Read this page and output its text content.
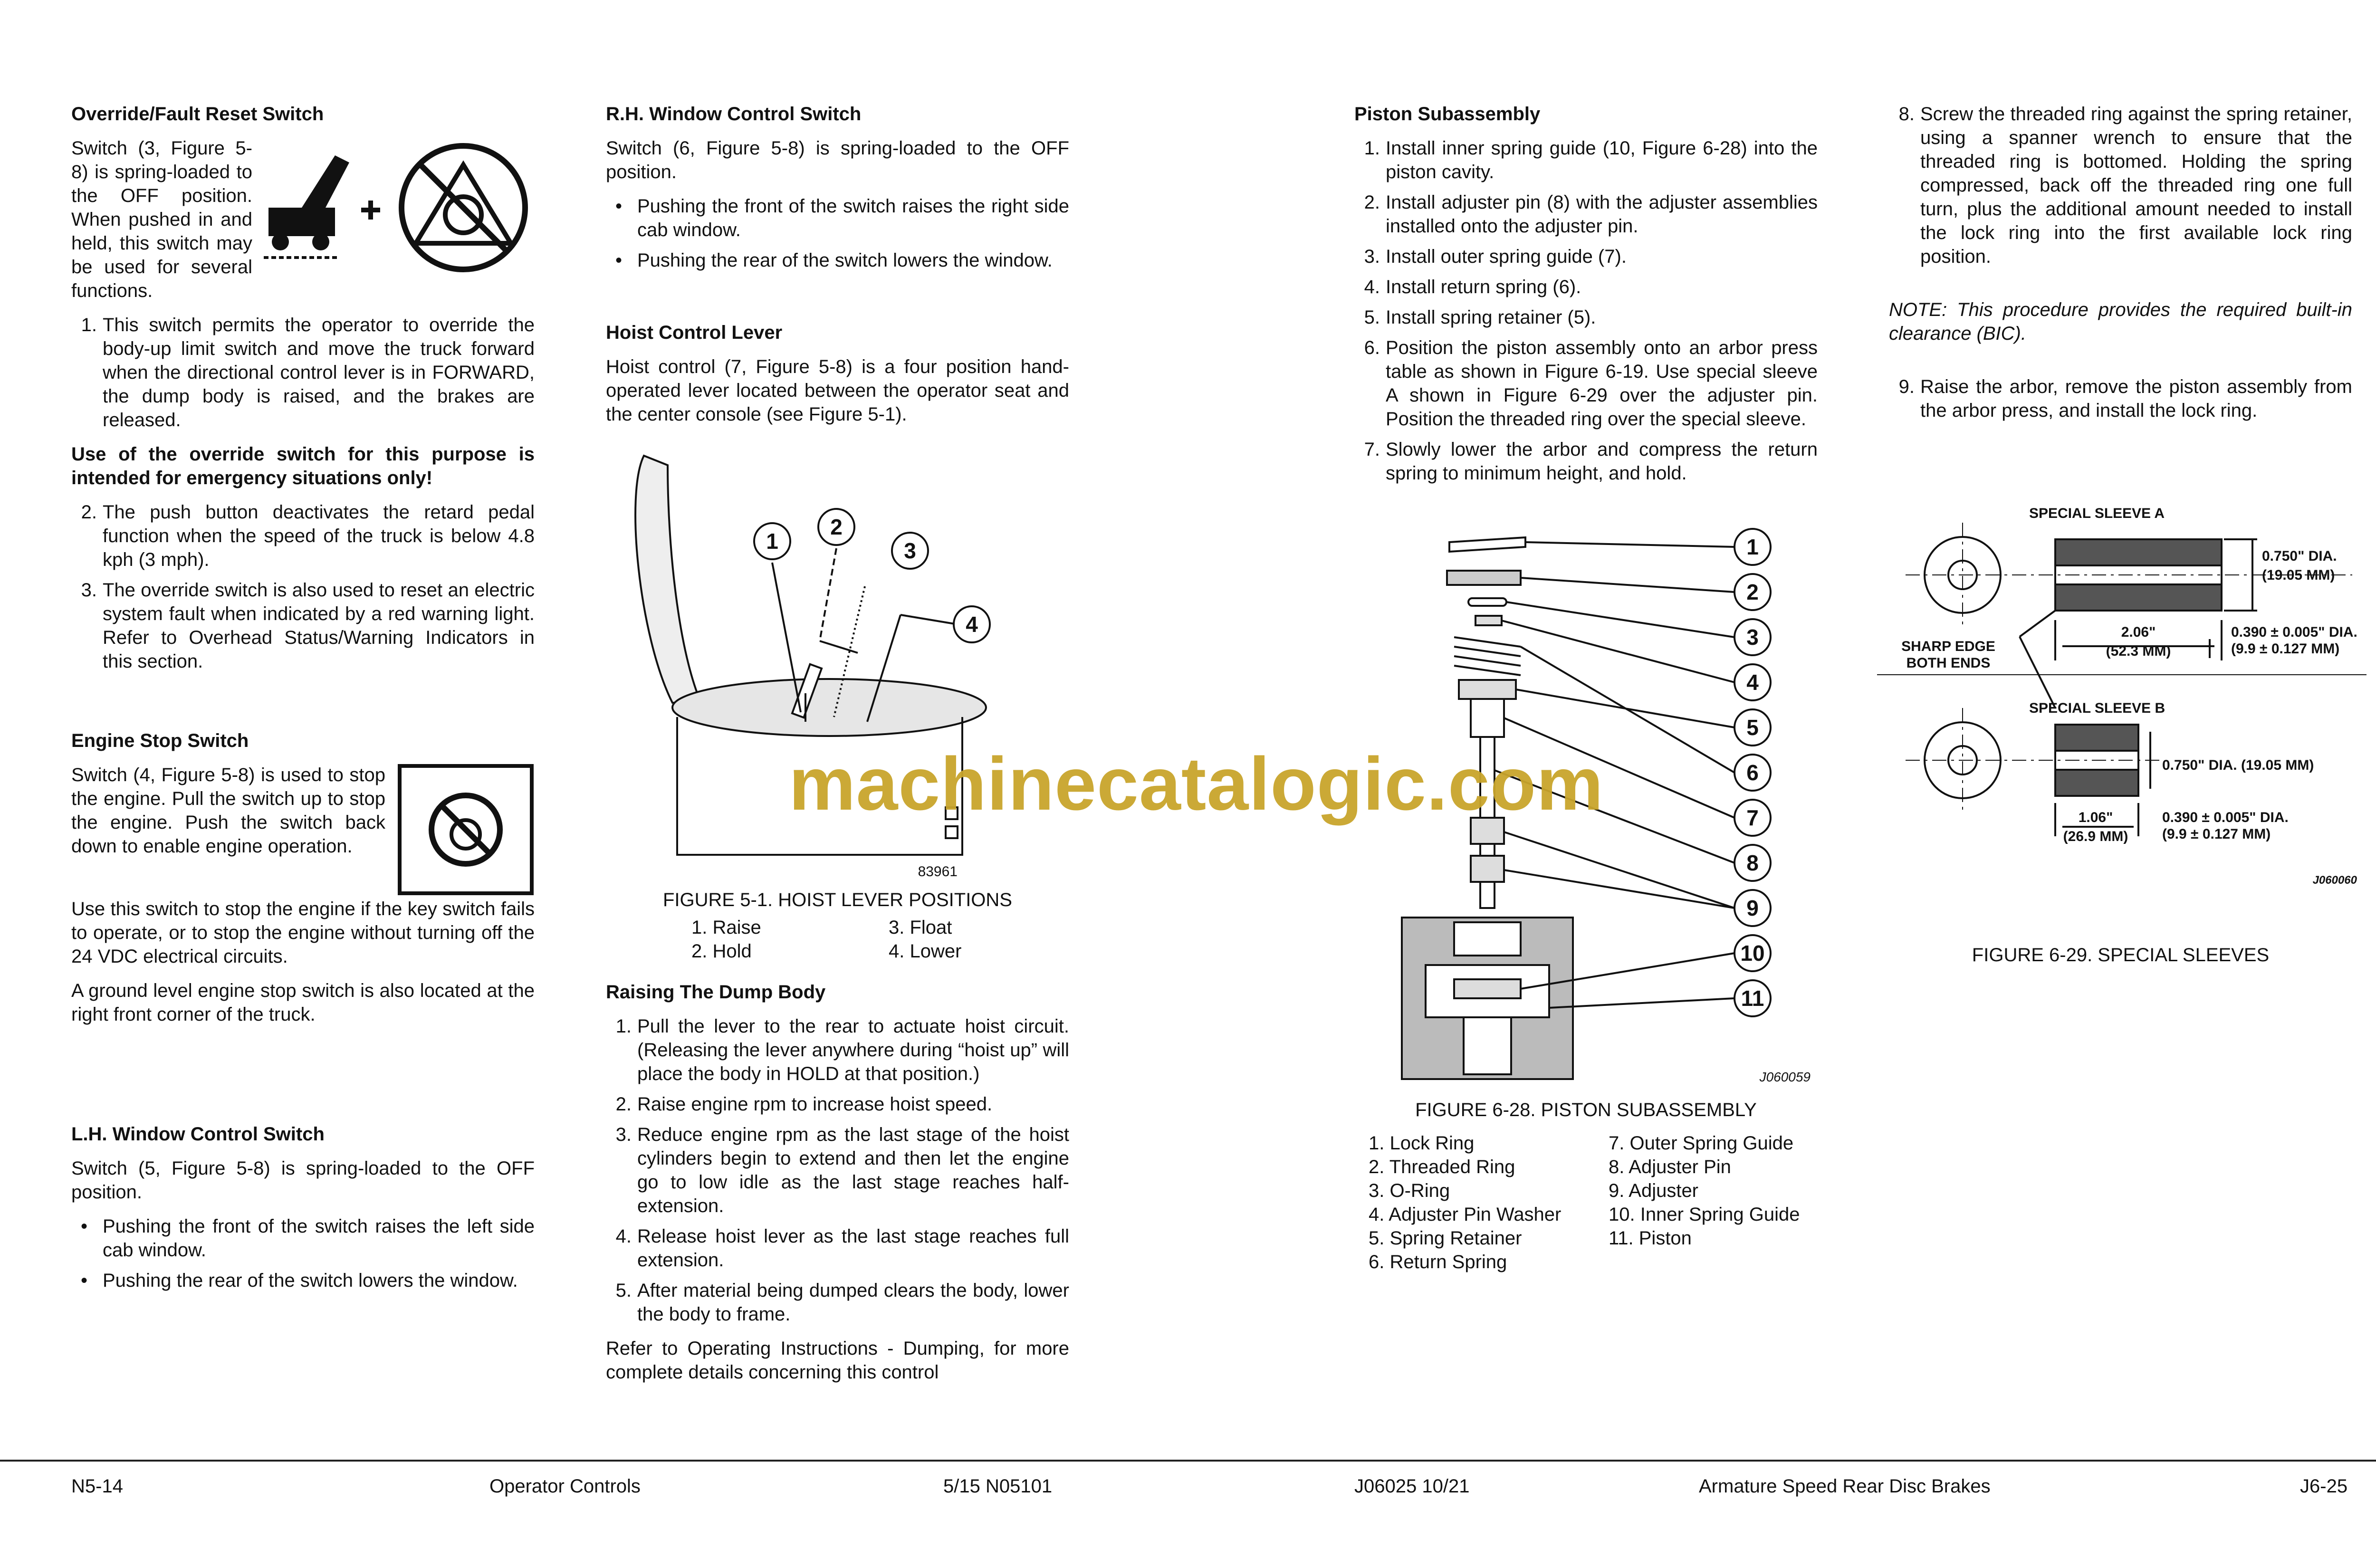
Override/Fault Reset Switch

Switch (3, Figure 5-8) is spring-loaded to the OFF position. When pushed in and held, this switch may be used for several functions.

1. This switch permits the operator to override the body-up limit switch and move the truck forward when the directional control lever is in FORWARD, the dump body is raised, and the brakes are released.

Use of the override switch for this purpose is intended for emergency situations only!

2. The push button deactivates the retard pedal function when the speed of the truck is below 4.8 kph (3 mph).
3. The override switch is also used to reset an electric system fault when indicated by a red warning light. Refer to Overhead Status/Warning Indicators in this section.

Engine Stop Switch

Switch (4, Figure 5-8) is used to stop the engine. Pull the switch up to stop the engine. Push the switch back down to enable engine operation.

Use this switch to stop the engine if the key switch fails to operate, or to stop the engine without turning off the 24 VDC electrical circuits.

A ground level engine stop switch is also located at the right front corner of the truck.

L.H. Window Control Switch

Switch (5, Figure 5-8) is spring-loaded to the OFF position.

• Pushing the front of the switch raises the left side cab window.
• Pushing the rear of the switch lowers the window.

R.H. Window Control Switch

Switch (6, Figure 5-8) is spring-loaded to the OFF position.

• Pushing the front of the switch raises the right side cab window.
• Pushing the rear of the switch lowers the window.

Hoist Control Lever

Hoist control (7, Figure 5-8) is a four position hand-operated lever located between the operator seat and the center console (see Figure 5-1).

1
2
3
4
83961

FIGURE 5-1. HOIST LEVER POSITIONS

1. Raise	3. Float
2. Hold	4. Lower

Raising The Dump Body

1. Pull the lever to the rear to actuate hoist circuit. (Releasing the lever anywhere during “hoist up” will place the body in HOLD at that position.)
2. Raise engine rpm to increase hoist speed.
3. Reduce engine rpm as the last stage of the hoist cylinders begin to extend and then let the engine go to low idle as the last stage reaches half-extension.
4. Release hoist lever as the last stage reaches full extension.
5. After material being dumped clears the body, lower the body to frame.

Refer to Operating Instructions - Dumping, for more complete details concerning this control

Piston Subassembly

1. Install inner spring guide (10, Figure 6-28) into the piston cavity.
2. Install adjuster pin (8) with the adjuster assemblies installed onto the adjuster pin.
3. Install outer spring guide (7).
4. Install return spring (6).
5. Install spring retainer (5).
6. Position the piston assembly onto an arbor press table as shown in Figure 6-19. Use special sleeve A shown in Figure 6-29 over the adjuster pin. Position the threaded ring over the special sleeve.
7. Slowly lower the arbor and compress the return spring to minimum height, and hold.
1
2
3
4
5
6
7
8
9
10
11
J060059

FIGURE 6-28. PISTON SUBASSEMBLY

1. Lock Ring	7. Outer Spring Guide
2. Threaded Ring	8. Adjuster Pin
3. O-Ring	9. Adjuster
4. Adjuster Pin Washer	10. Inner Spring Guide
5. Spring Retainer	11. Piston
6. Return Spring
8. Screw the threaded ring against the spring retainer, using a spanner wrench to ensure that the threaded ring is bottomed. Holding the spring compressed, back off the threaded ring one full turn, plus the additional amount needed to install the lock ring into the first available lock ring position.

NOTE: This procedure provides the required built-in clearance (BIC).

9. Raise the arbor, remove the piston assembly from the arbor press, and install the lock ring.
SPECIAL SLEEVE A
0.750" DIA.
(19.05 MM)
2.06"
(52.3 MM)
0.390 ± 0.005" DIA.
(9.9 ± 0.127 MM)
SHARP EDGE
BOTH ENDS
SPECIAL SLEEVE B
0.750" DIA. (19.05 MM)
1.06"
(26.9 MM)
0.390 ± 0.005" DIA.
(9.9 ± 0.127 MM)
J060060

FIGURE 6-29. SPECIAL SLEEVES

machinecatalogic.com
N5-14	Operator Controls	5/15 N05101	J06025 10/21	Armature Speed Rear Disc Brakes	J6-25
